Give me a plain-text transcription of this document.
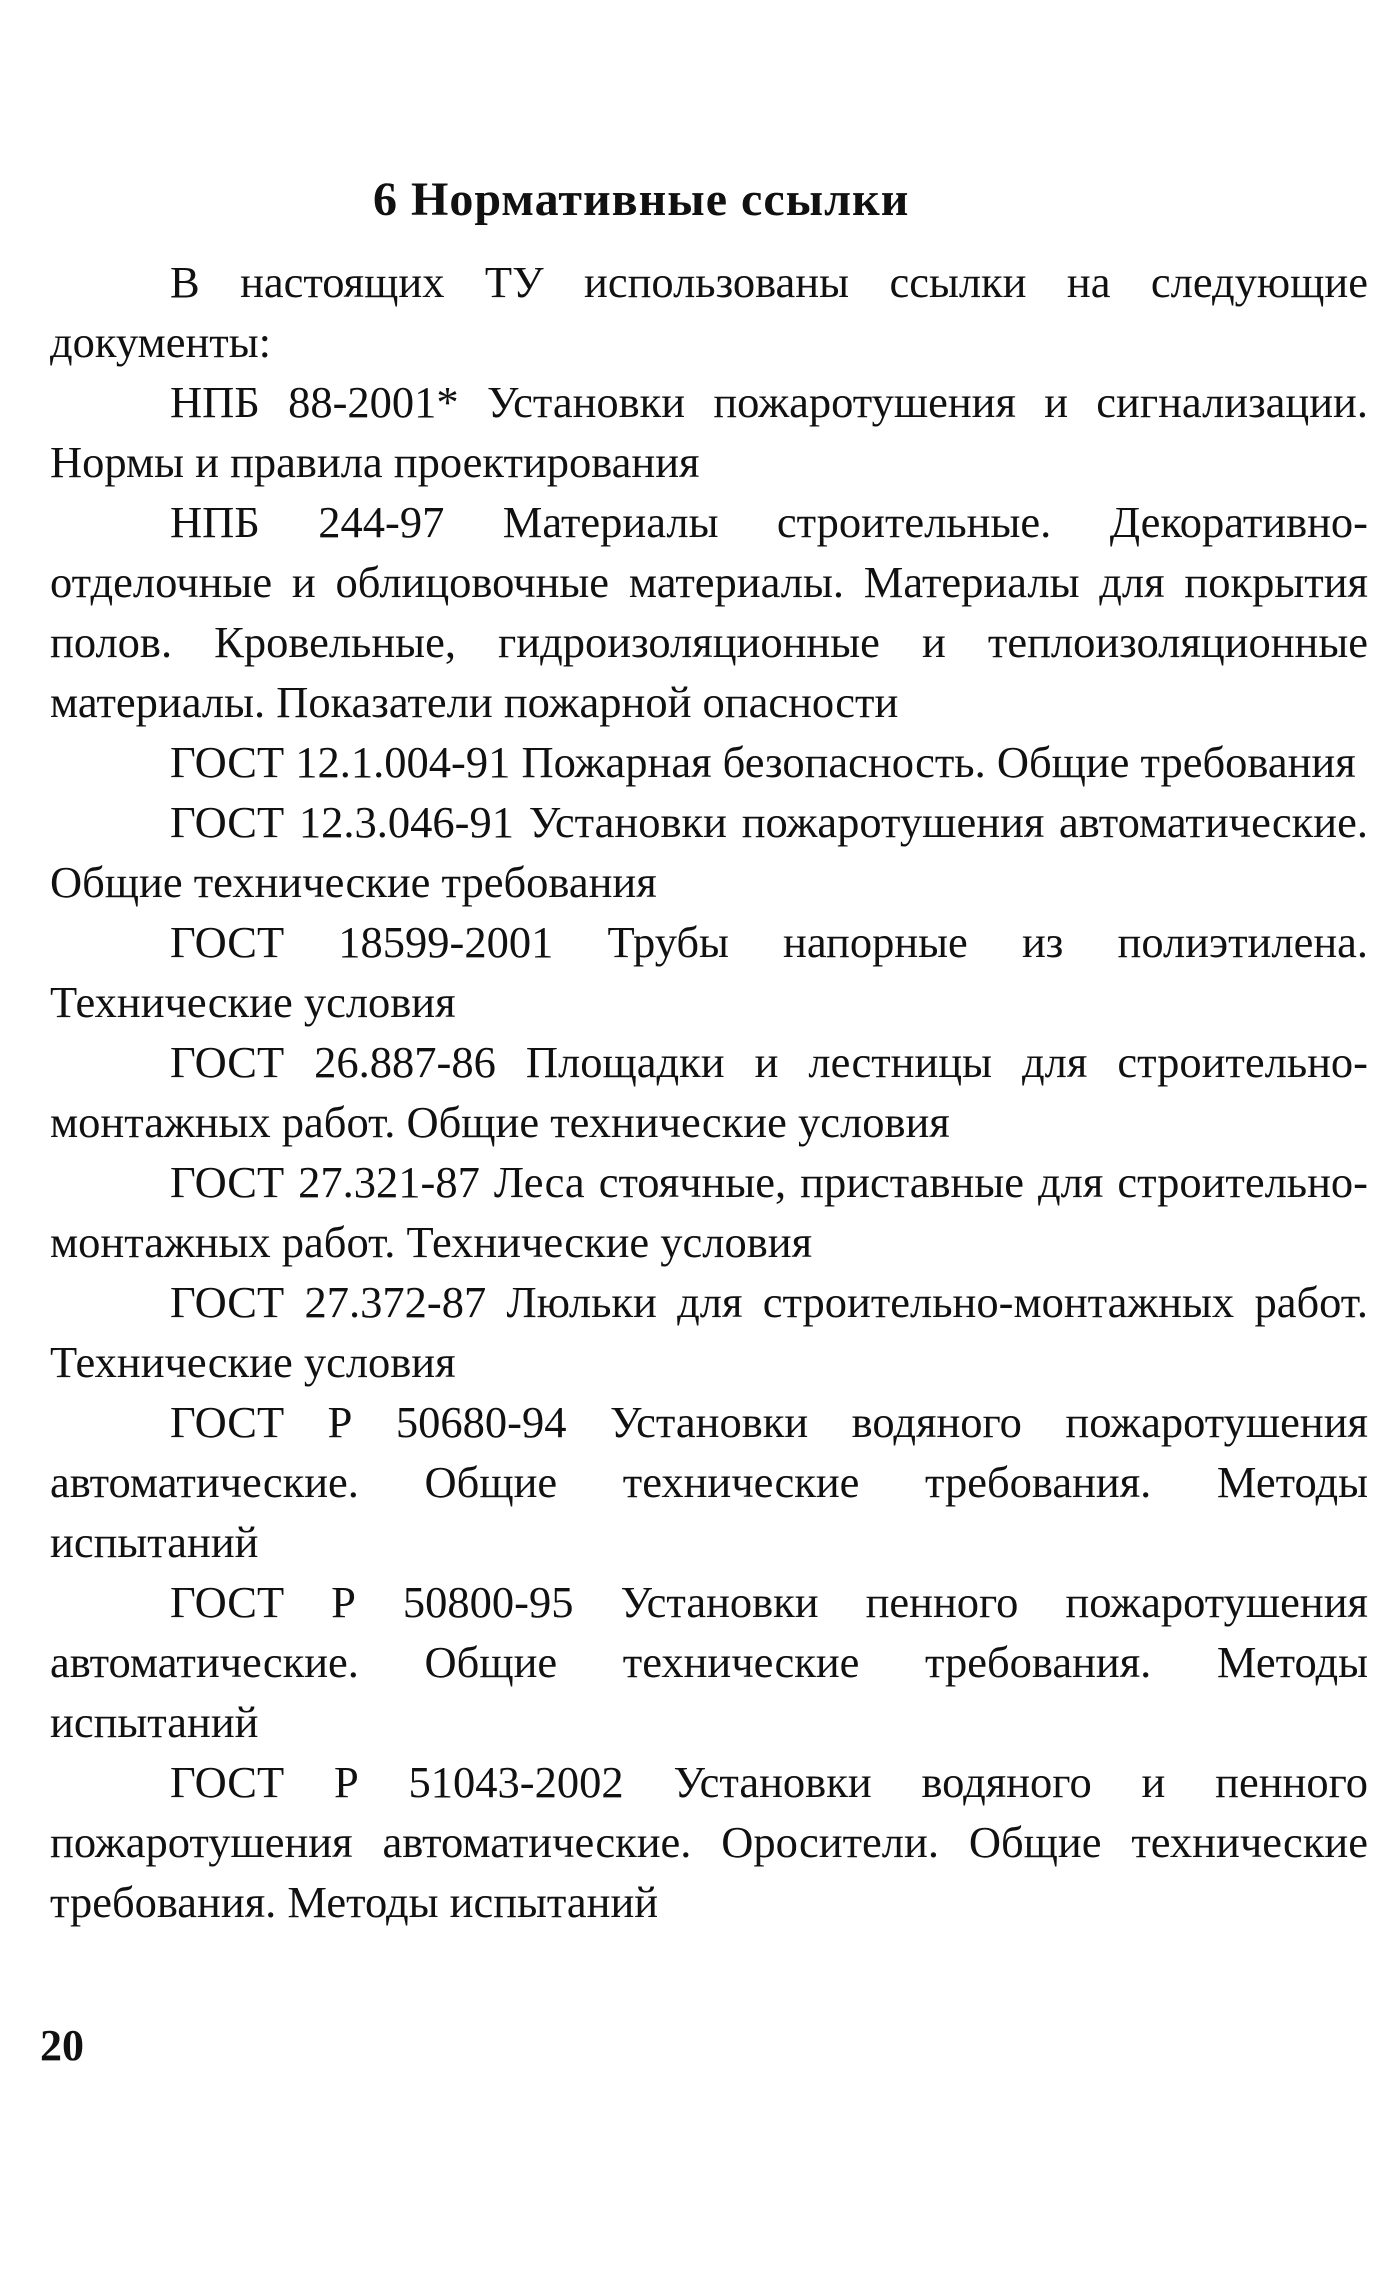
6 Нормативные ссылки

В настоящих ТУ использованы ссылки на следующие документы:

НПБ 88-2001* Установки пожаротушения и сигнализации. Нормы и правила проектирования
НПБ 244-97 Материалы строительные. Декоративно-отделочные и облицовочные материалы. Материалы для покрытия полов. Кровельные, гидроизоляционные и теплоизоляционные материалы. Показатели пожарной опасности
ГОСТ 12.1.004-91 Пожарная безопасность. Общие требования
ГОСТ 12.3.046-91 Установки пожаротушения автоматические. Общие технические требования
ГОСТ 18599-2001 Трубы напорные из полиэтилена. Технические условия
ГОСТ 26.887-86 Площадки и лестницы для строительно-монтажных работ. Общие технические условия
ГОСТ 27.321-87 Леса стоячные, приставные для строительно-монтажных работ. Технические условия
ГОСТ 27.372-87 Люльки для строительно-монтажных работ. Технические условия
ГОСТ Р 50680-94 Установки водяного пожаротушения автоматические. Общие технические требования. Методы испытаний
ГОСТ Р 50800-95 Установки пенного пожаротушения автоматические. Общие технические требования. Методы испытаний
ГОСТ Р 51043-2002 Установки водяного и пенного пожаротушения автоматические. Оросители. Общие технические требования. Методы испытаний
20
